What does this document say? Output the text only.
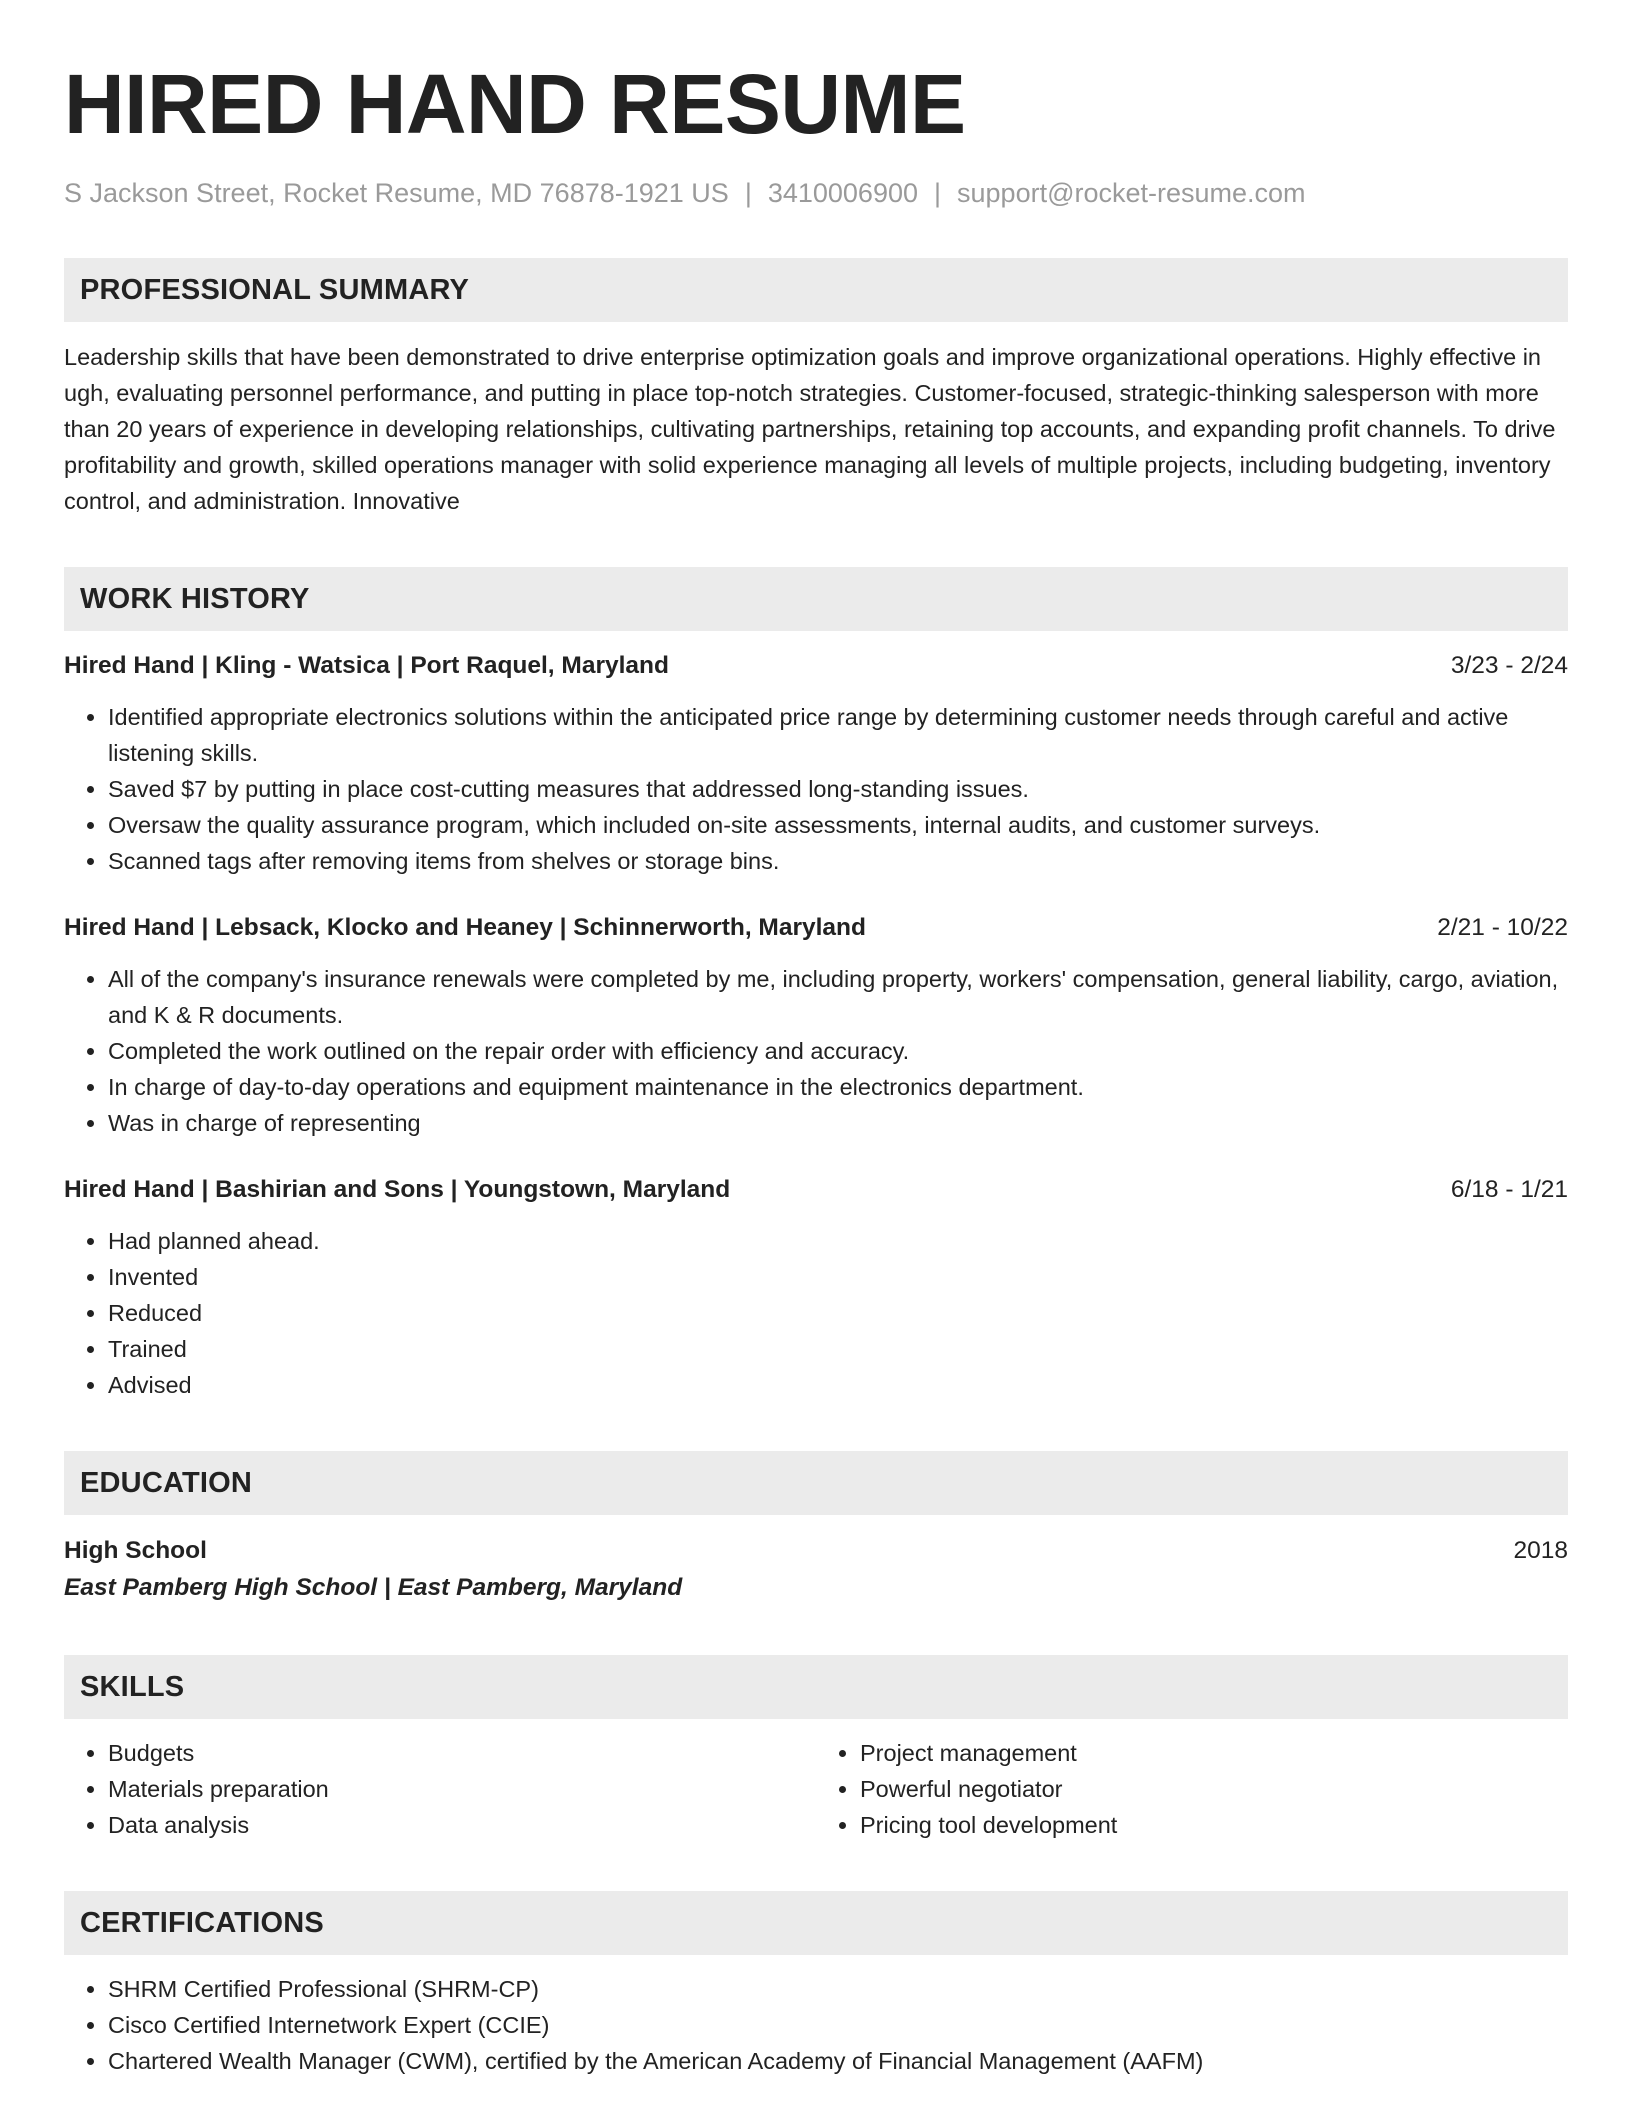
HIRED HAND RESUME
S Jackson Street, Rocket Resume, MD 76878-1921 US | 3410006900 | support@rocket-resume.com
PROFESSIONAL SUMMARY
Leadership skills that have been demonstrated to drive enterprise optimization goals and improve organizational operations. Highly effective in ugh, evaluating personnel performance, and putting in place top-notch strategies. Customer-focused, strategic-thinking salesperson with more than 20 years of experience in developing relationships, cultivating partnerships, retaining top accounts, and expanding profit channels. To drive profitability and growth, skilled operations manager with solid experience managing all levels of multiple projects, including budgeting, inventory control, and administration. Innovative
WORK HISTORY
Hired Hand | Kling - Watsica | Port Raquel, Maryland	3/23 - 2/24
• Identified appropriate electronics solutions within the anticipated price range by determining customer needs through careful and active listening skills.
• Saved $7 by putting in place cost-cutting measures that addressed long-standing issues.
• Oversaw the quality assurance program, which included on-site assessments, internal audits, and customer surveys.
• Scanned tags after removing items from shelves or storage bins.
Hired Hand | Lebsack, Klocko and Heaney | Schinnerworth, Maryland	2/21 - 10/22
• All of the company's insurance renewals were completed by me, including property, workers' compensation, general liability, cargo, aviation, and K & R documents.
• Completed the work outlined on the repair order with efficiency and accuracy.
• In charge of day-to-day operations and equipment maintenance in the electronics department.
• Was in charge of representing
Hired Hand | Bashirian and Sons | Youngstown, Maryland	6/18 - 1/21
• Had planned ahead.
• Invented
• Reduced
• Trained
• Advised
EDUCATION
High School	2018
East Pamberg High School | East Pamberg, Maryland
SKILLS
• Budgets
• Materials preparation
• Data analysis
• Project management
• Powerful negotiator
• Pricing tool development
CERTIFICATIONS
• SHRM Certified Professional (SHRM-CP)
• Cisco Certified Internetwork Expert (CCIE)
• Chartered Wealth Manager (CWM), certified by the American Academy of Financial Management (AAFM)
